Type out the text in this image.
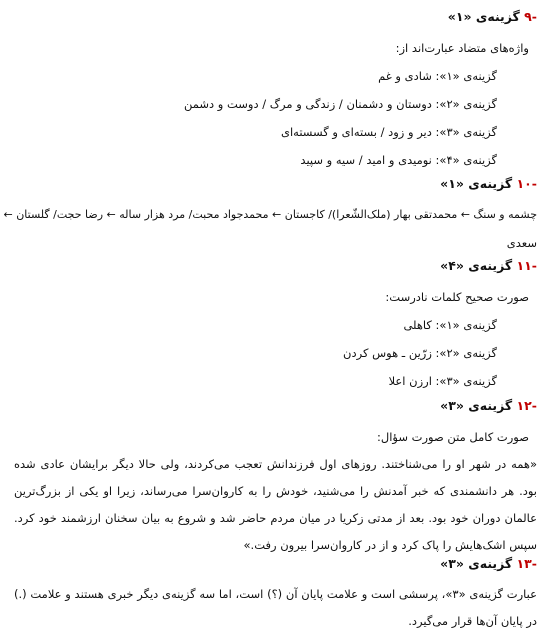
-۹ گزینه‌ی «۱»
واژه‌های متضاد عبارت‌اند از:
گزینه‌ی «۱»: شادی و غم
گزینه‌ی «۲»: دوستان و دشمنان / زندگی و مرگ / دوست و دشمن
گزینه‌ی «۳»: دیر و زود / بسته‌ای و گسسته‌ای
گزینه‌ی «۴»: نومیدی و امید / سیه و سپید
-۱۰ گزینه‌ی «۱»
چشمه و سنگ ← محمدتقی بهار (ملک‌الشّعرا)/ کاجستان ← محمدجواد محبت/ مرد هزار ساله ← رضا حجت/ گلستان ←
سعدی
-۱۱ گزینه‌ی «۴»
صورت صحیح کلمات نادرست:
گزینه‌ی «۱»: کاهلی
گزینه‌ی «۲»: زرّین ـ هوس کردن
گزینه‌ی «۳»: ارزن اعلا
-۱۲ گزینه‌ی «۳»
صورت کامل متن صورت سؤال:
«همه در شهر او را می‌شناختند. روزهای اول فرزندانش تعجب می‌کردند، ولی حالا دیگر برایشان عادی شده بود. هر دانشمندی که خبر آمدنش را می‌شنید، خودش را به کاروان‌سرا می‌رساند، زیرا او یکی از بزرگ‌ترین عالمان دوران خود بود. بعد از مدتی زکریا در میان مردم حاضر شد و شروع به بیان سخنان ارزشمند خود کرد. سپس اشک‌هایش را پاک کرد و از در کاروان‌سرا بیرون رفت.»
-۱۳ گزینه‌ی «۳»
عبارت گزینه‌ی «۳»، پرسشی است و علامت پایان آن (؟) است، اما سه گزینه‌ی دیگر خبری هستند و علامت (.) در پایان آن‌ها قرار می‌گیرد.
